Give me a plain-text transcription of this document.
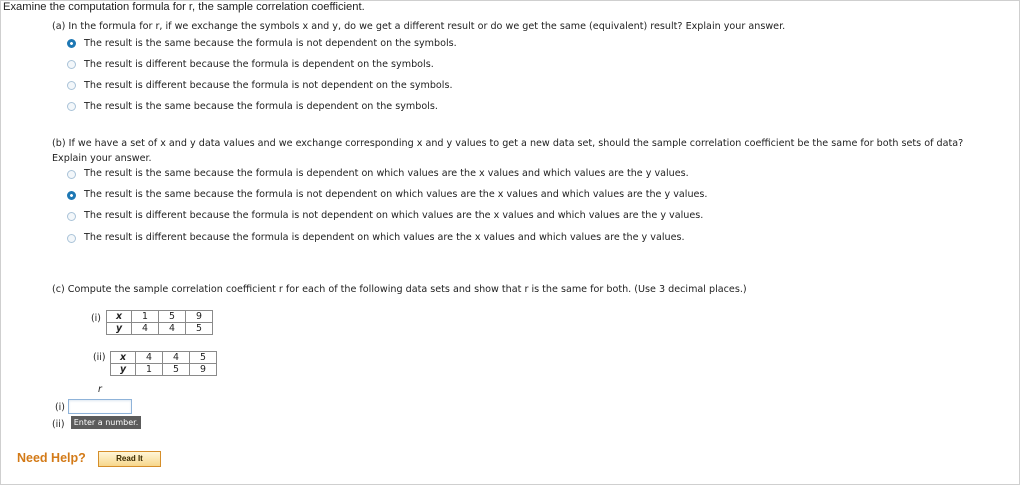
Examine the computation formula for r, the sample correlation coefficient.
(a) In the formula for r, if we exchange the symbols x and y, do we get a different result or do we get the same (equivalent) result? Explain your answer.
The result is the same because the formula is not dependent on the symbols.
The result is different because the formula is dependent on the symbols.
The result is different because the formula is not dependent on the symbols.
The result is the same because the formula is dependent on the symbols.
(b) If we have a set of x and y data values and we exchange corresponding x and y values to get a new data set, should the sample correlation coefficient be the same for both sets of data?
Explain your answer.
The result is the same because the formula is dependent on which values are the x values and which values are the y values.
The result is the same because the formula is not dependent on which values are the x values and which values are the y values.
The result is different because the formula is not dependent on which values are the x values and which values are the y values.
The result is different because the formula is dependent on which values are the x values and which values are the y values.
(c) Compute the sample correlation coefficient r for each of the following data sets and show that r is the same for both. (Use 3 decimal places.)
(i) x	1	5	9
y	4	4	5
(ii) x	4	4	5
y	1	5	9
r
(i)
(ii)	Enter a number.
Need Help?	Read It
